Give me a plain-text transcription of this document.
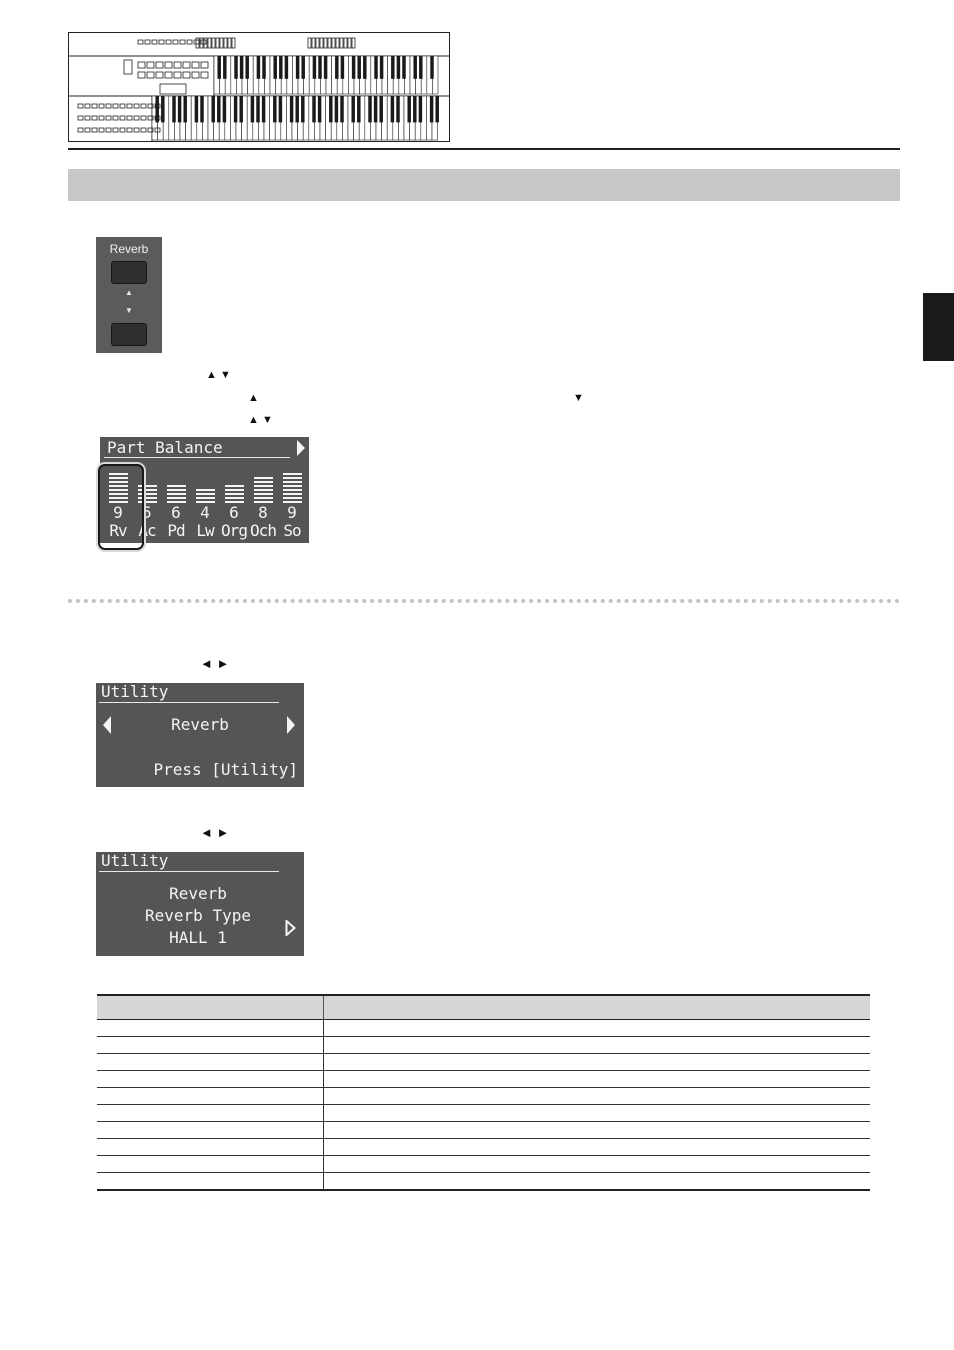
Reverb
▲
▼
▲ ▼
▲	▼
▲ ▼
Part Balance
9
Rv
5
Ac
6
Pd
4
Lw
6
Org
8
Och
9
So
◄ ►
Utility
Reverb
Press [Utility]
◄ ►
Utility
Reverb
Reverb Type
HALL 1
